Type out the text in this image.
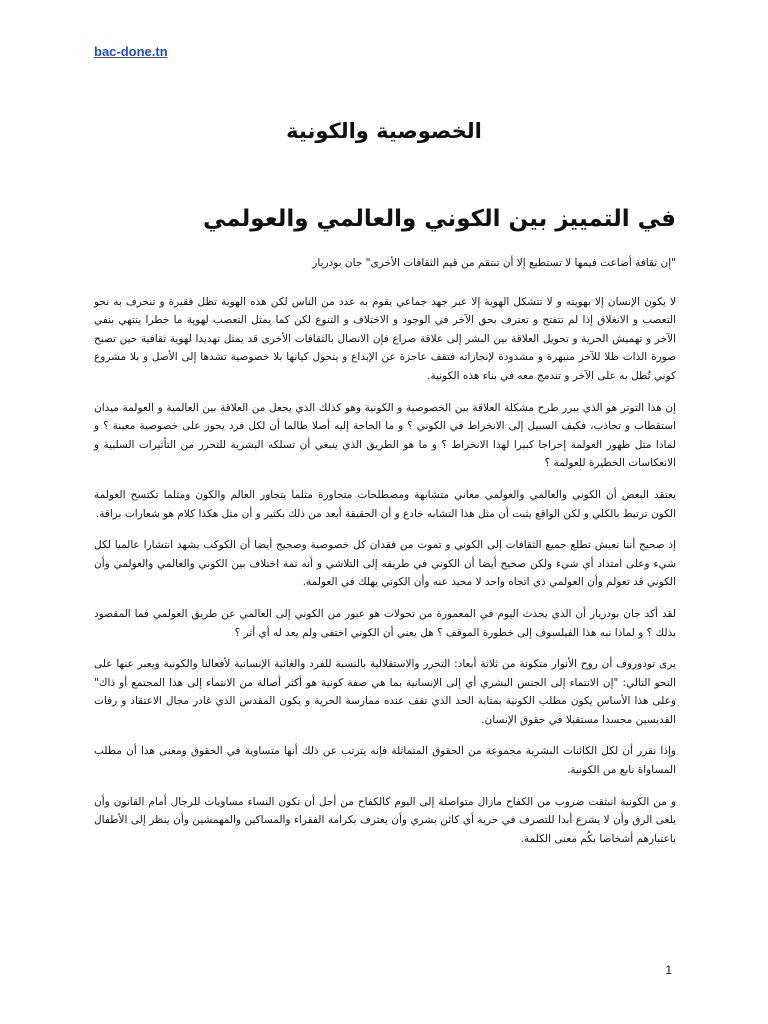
bac-done.tn
الخصوصية والكونية
في التمييز بين الكوني والعالمي والعولمي

"إن ثقافة أضاعت فيمها لا تستطيع إلا أن تنتقم من قيم الثقافات الأخرى" جان بودريار

لا يكون الإنسان إلا بهويته و لا تتشكل الهوية إلا عبر جهد جماعي يقوم به عدد من الناس لكن هذه الهوية تظل فقيرة و تنحرف به نحو التعصب و الانغلاق إذا لم تتفتح و تعترف بحق الآخر في الوجود و الاختلاف و التنوع لكن كما يمثل التعصب لهوية ما خطرا ينتهي بنفي الآخر و تهميش الحرية و تحويل العلاقة بين البشر إلى علاقة صراع فإن الانصال بالثقافات الأخرى قد يمثل تهديدا لهوية ثقافية حين تصبح صورة الذات ظلا للآخر منبهرة و مشدودة لإنجازاته فتقف عاجزة عن الإبداع و يتحول كيانها بلا خصوصية تشدها إلى الأصل و بلا مشروع كوني تُطل به على الآخر و تندمج معه في بناء هذه الكونية.

إن هذا التوتر هو الذي يبرر طرح مشكلة العلاقة بين الخصوصية و الكونية وهو كذلك الذي يجعل من العلاقة بين العالمية و العولمة ميدان استقطاب و تجاذب، فكيف السبيل إلى الانخراط في الكوني ؟ و ما الحاجة إليه أصلا طالما أن لكل فرد يحوز على خصوصية معينة ؟ و لماذا مثل ظهور العولمة إحراجا كبيرا لهذا الانخراط ؟ و ما هو الطريق الذي ينبغي أن تسلكه البشرية للتحرر من التأثيرات السلبية و الانعكاسات الخطيرة للعولمة ؟

يعتقد البعض أن الكوني والعالمي والعولمي معاني متشابهة ومصطلحات متجاورة مثلما يتجاور العالم والكون ومثلما تكتسح العولمة الكون ترتبط بالكلي و لكن الواقع يثبت أن مثل هذا التشابه خادع و أن الحقيقة أبعد من ذلك بكثير و أن مثل هكذا كلام هو شعارات براقة.

إذ صحيح أننا نعيش تطلع جميع الثقافات إلى الكوني و تموت من فقدان كل خصوصية وصحيح أيضا أن الكوكب يشهد انتشارا عالميا لكل شيء وعلى امتداد أي شيء ولكن صحيح أيضا أن الكوني في طريقه إلى التلاشي و أنه ثمة اختلاف بين الكوني والعالمي والعولمي وأن الكوني قد تعولم وأن العولمي ذي اتجاه واحد لا محيد عنه وأن الكوني يهلك في العولمة.

لقد أكد جان بودريار أن الذي يحدث اليوم في المعمورة من تحولات هو عبور من الكوني إلى العالمي عن طريق العولمي فما المقصود بذلك ؟ و لماذا نبه هذا الفيلسوف إلى خطورة الموقف ؟ هل يعني أن الكوني اختفى ولم يعد له أي أثر ؟

يرى تودوروف أن روح الأنوار متكونة من ثلاثة أبعاد: التحرر والاستقلالية بالنسبة للفرد والغائية الإنسانية لأفعالنا والكونية ويعبر عنها على النحو التالي: "إن الانتماء إلى الجنس البشري أي إلى الإنسانية بما هي صفة كونية هو أكثر أصالة من الانتماء إلى هذا المجتمع أو ذاك" وعلى هذا الأساس يكون مطلب الكونية بمثابة الحد الذي تقف عنده ممارسة الحرية و يكون المقدس الذي غادر مجال الاعتقاد و رفات القديسين مجسدا مستقبلا في حقوق الإنسان.

وإذا نقرر أن لكل الكائنات البشرية مجموعة من الحقوق المتماثلة فإنه يترتب عن ذلك أنها متساوية في الحقوق ومعنى هذا أن مطلب المساواة نابع من الكونية.

و من الكونية انبثقت ضروب من الكفاح مازال متواصلة إلى اليوم كالكفاح من أجل أن تكون النساء مساويات للرجال أمام القانون وأن يلغى الرق وأن لا يشرع أبدا للتصرف في حرية أي كائن بشري وأن يعترف بكرامة الفقراء والمساكين والمهمشين وأن ينظر إلى الأطفال باعتبارهم أشخاصا بكُم معنى الكلمة.

1
